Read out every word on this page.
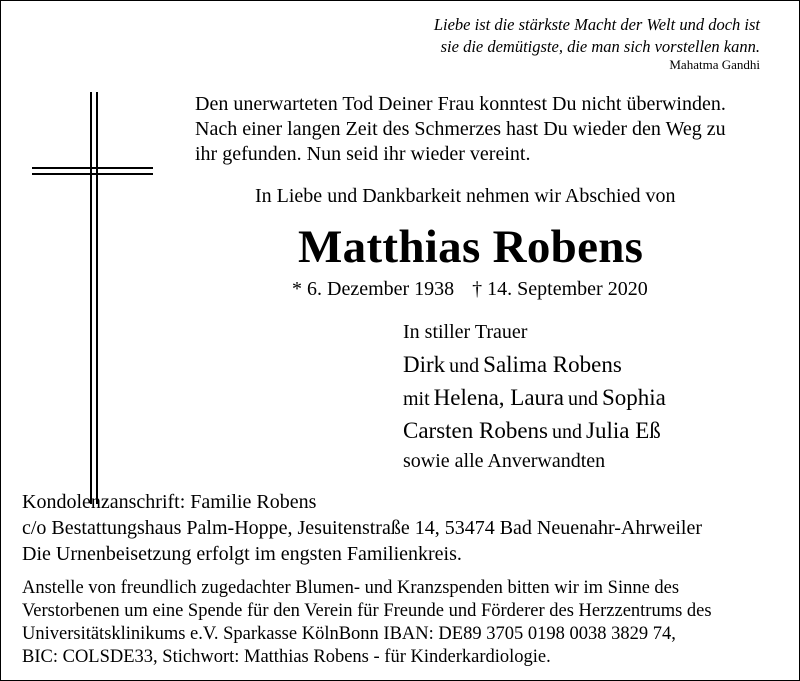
Liebe ist die stärkste Macht der Welt und doch ist
sie die demütigste, die man sich vorstellen kann.
Mahatma Gandhi
Den unerwarteten Tod Deiner Frau konntest Du nicht überwinden.
Nach einer langen Zeit des Schmerzes hast Du wieder den Weg zu
ihr gefunden. Nun seid ihr wieder vereint.
In Liebe und Dankbarkeit nehmen wir Abschied von
Matthias Robens
* 6. Dezember 1938 † 14. September 2020
In stiller Trauer
Dirk und Salima Robens
mit Helena, Laura und Sophia
Carsten Robens und Julia Eß
sowie alle Anverwandten
Kondolenzanschrift: Familie Robens
c/o Bestattungshaus Palm-Hoppe, Jesuitenstraße 14, 53474 Bad Neuenahr-Ahrweiler
Die Urnenbeisetzung erfolgt im engsten Familienkreis.
Anstelle von freundlich zugedachter Blumen- und Kranzspenden bitten wir im Sinne des
Verstorbenen um eine Spende für den Verein für Freunde und Förderer des Herzzentrums des
Universitätsklinikums e.V. Sparkasse KölnBonn IBAN: DE89 3705 0198 0038 3829 74,
BIC: COLSDE33, Stichwort: Matthias Robens - für Kinderkardiologie.
